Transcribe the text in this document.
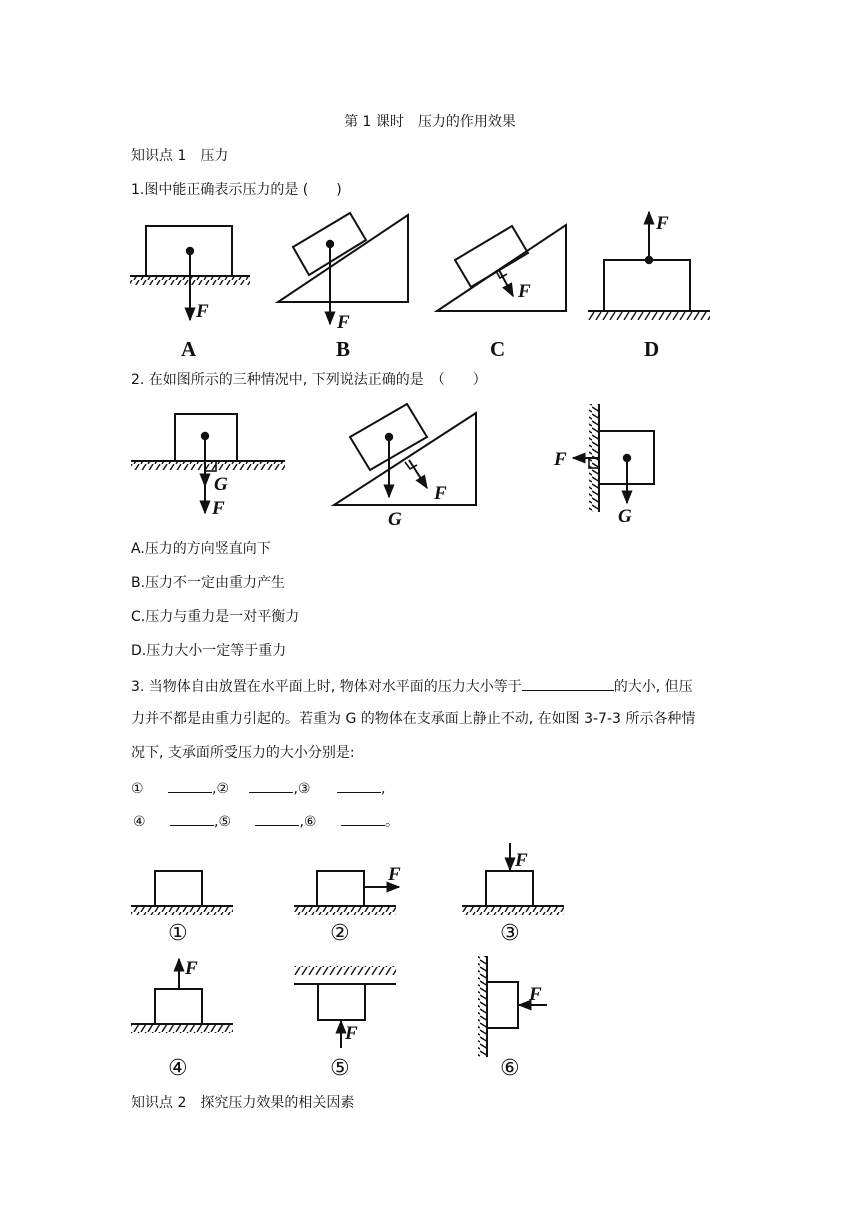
第 1 课时　压力的作用效果
知识点 1　压力
1.图中能正确表示压力的是 (　　)
2. 在如图所示的三种情况中, 下列说法正确的是　（　　）
A.压力的方向竖直向下
B.压力不一定由重力产生
C.压力与重力是一对平衡力
D.压力大小一定等于重力
3. 当物体自由放置在水平面上时, 物体对水平面的压力大小等于	的大小, 但压
力并不都是由重力引起的。若重为 G 的物体在支承面上静止不动, 在如图 3-7-3 所示各种情
况下, 支承面所受压力的大小分别是:
①	,②	,③	,
④	,⑤	,⑥	。
知识点 2　探究压力效果的相关因素
F
F
F
F
A	B	C	D
G
F
F
G
F
G
F
F
F
F
F
①	②	③
④	⑤	⑥
